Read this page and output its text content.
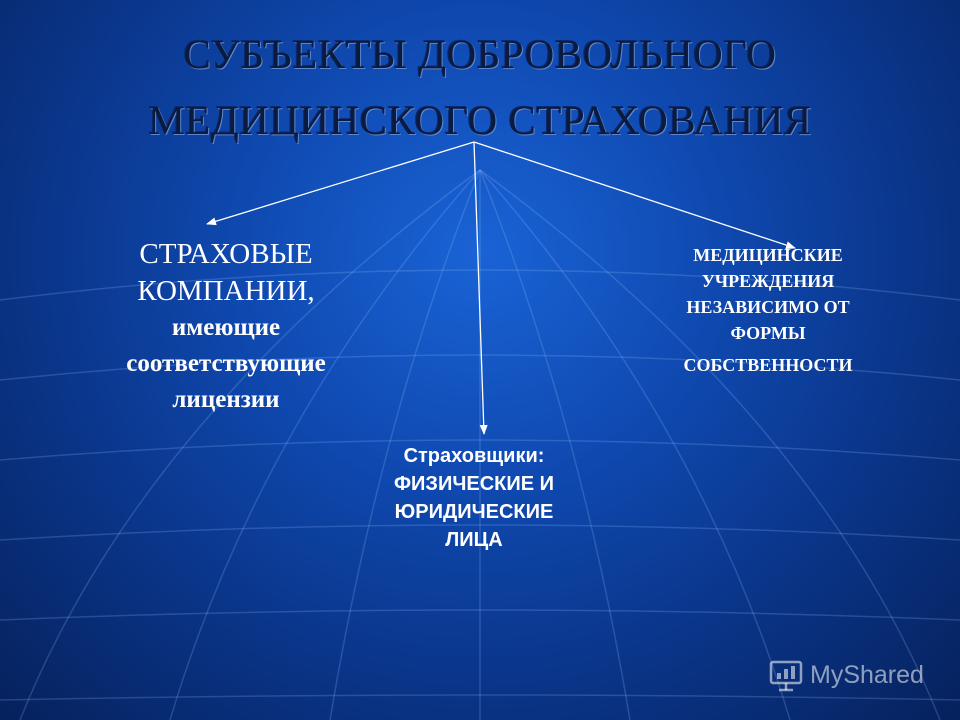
СУБЪЕКТЫ ДОБРОВОЛЬНОГО
МЕДИЦИНСКОГО СТРАХОВАНИЯ
СТРАХОВЫЕ
КОМПАНИИ,
имеющие
соответствующие
лицензии
МЕДИЦИНСКИЕ
УЧРЕЖДЕНИЯ
НЕЗАВИСИМО ОТ
ФОРМЫ
СОБСТВЕННОСТИ
Страховщики:
ФИЗИЧЕСКИЕ И
ЮРИДИЧЕСКИЕ
ЛИЦА
MyShared
